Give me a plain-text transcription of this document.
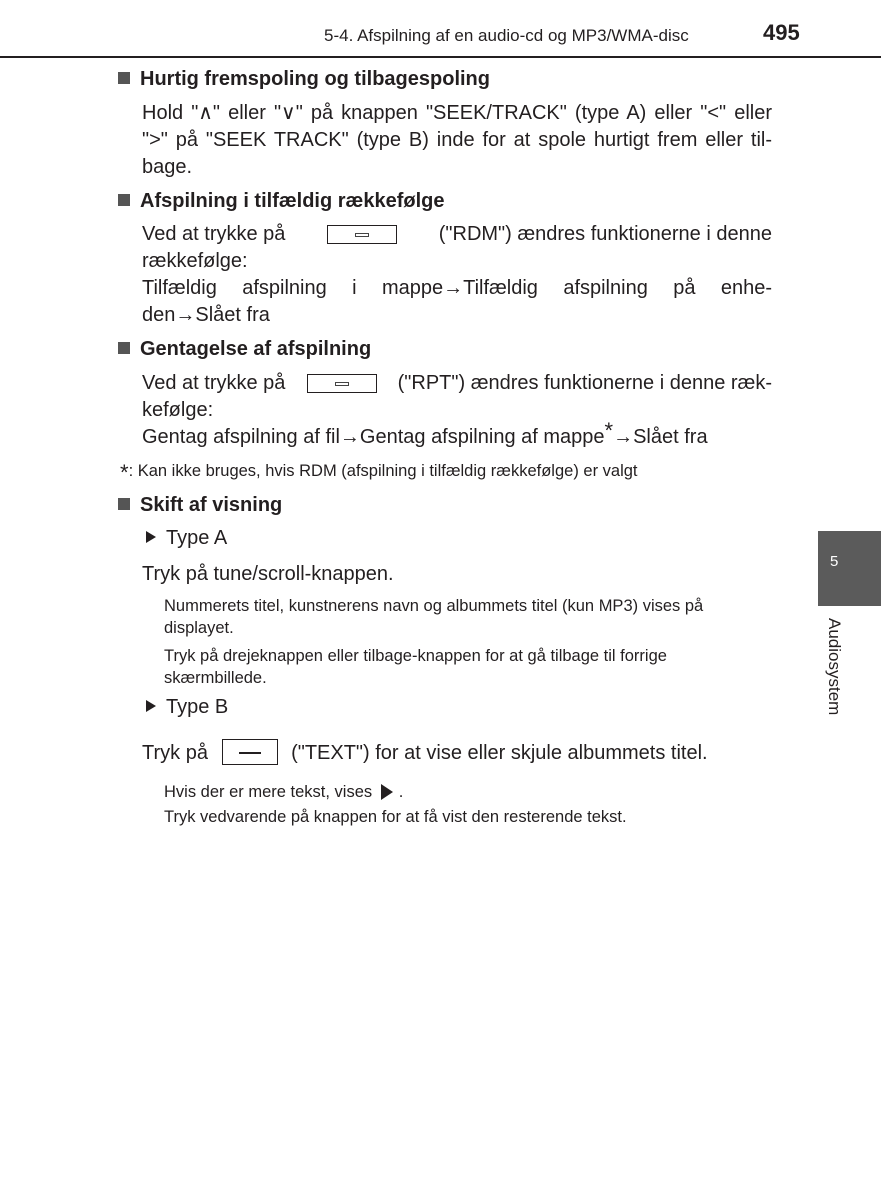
5-4. Afspilning af en audio-cd og MP3/WMA-disc	495
Hurtig fremspoling og tilbagespoling
Hold "∧" eller "∨" på knappen "SEEK/TRACK" (type A) eller "<" eller
">" på "SEEK TRACK" (type B) inde for at spole hurtigt frem eller til-
bage.
Afspilning i tilfældig rækkefølge
Ved at trykke på	("RDM") ændres funktionerne i denne
rækkefølge:
Tilfældig afspilning i mappe→Tilfældig afspilning på enhe-
den→Slået fra
Gentagelse af afspilning
Ved at trykke på	("RPT") ændres funktionerne i denne ræk-
kefølge:
Gentag afspilning af fil→Gentag afspilning af mappe*→Slået fra
*: Kan ikke bruges, hvis RDM (afspilning i tilfældig rækkefølge) er valgt
Skift af visning
Type A
Tryk på tune/scroll-knappen.
Nummerets titel, kunstnerens navn og albummets titel (kun MP3) vises på displayet.
Tryk på drejeknappen eller tilbage-knappen for at gå tilbage til forrige skærmbillede.
Type B
Tryk på	("TEXT") for at vise eller skjule albummets titel.
Hvis der er mere tekst, vises .
Tryk vedvarende på knappen for at få vist den resterende tekst.
5
Audiosystem
